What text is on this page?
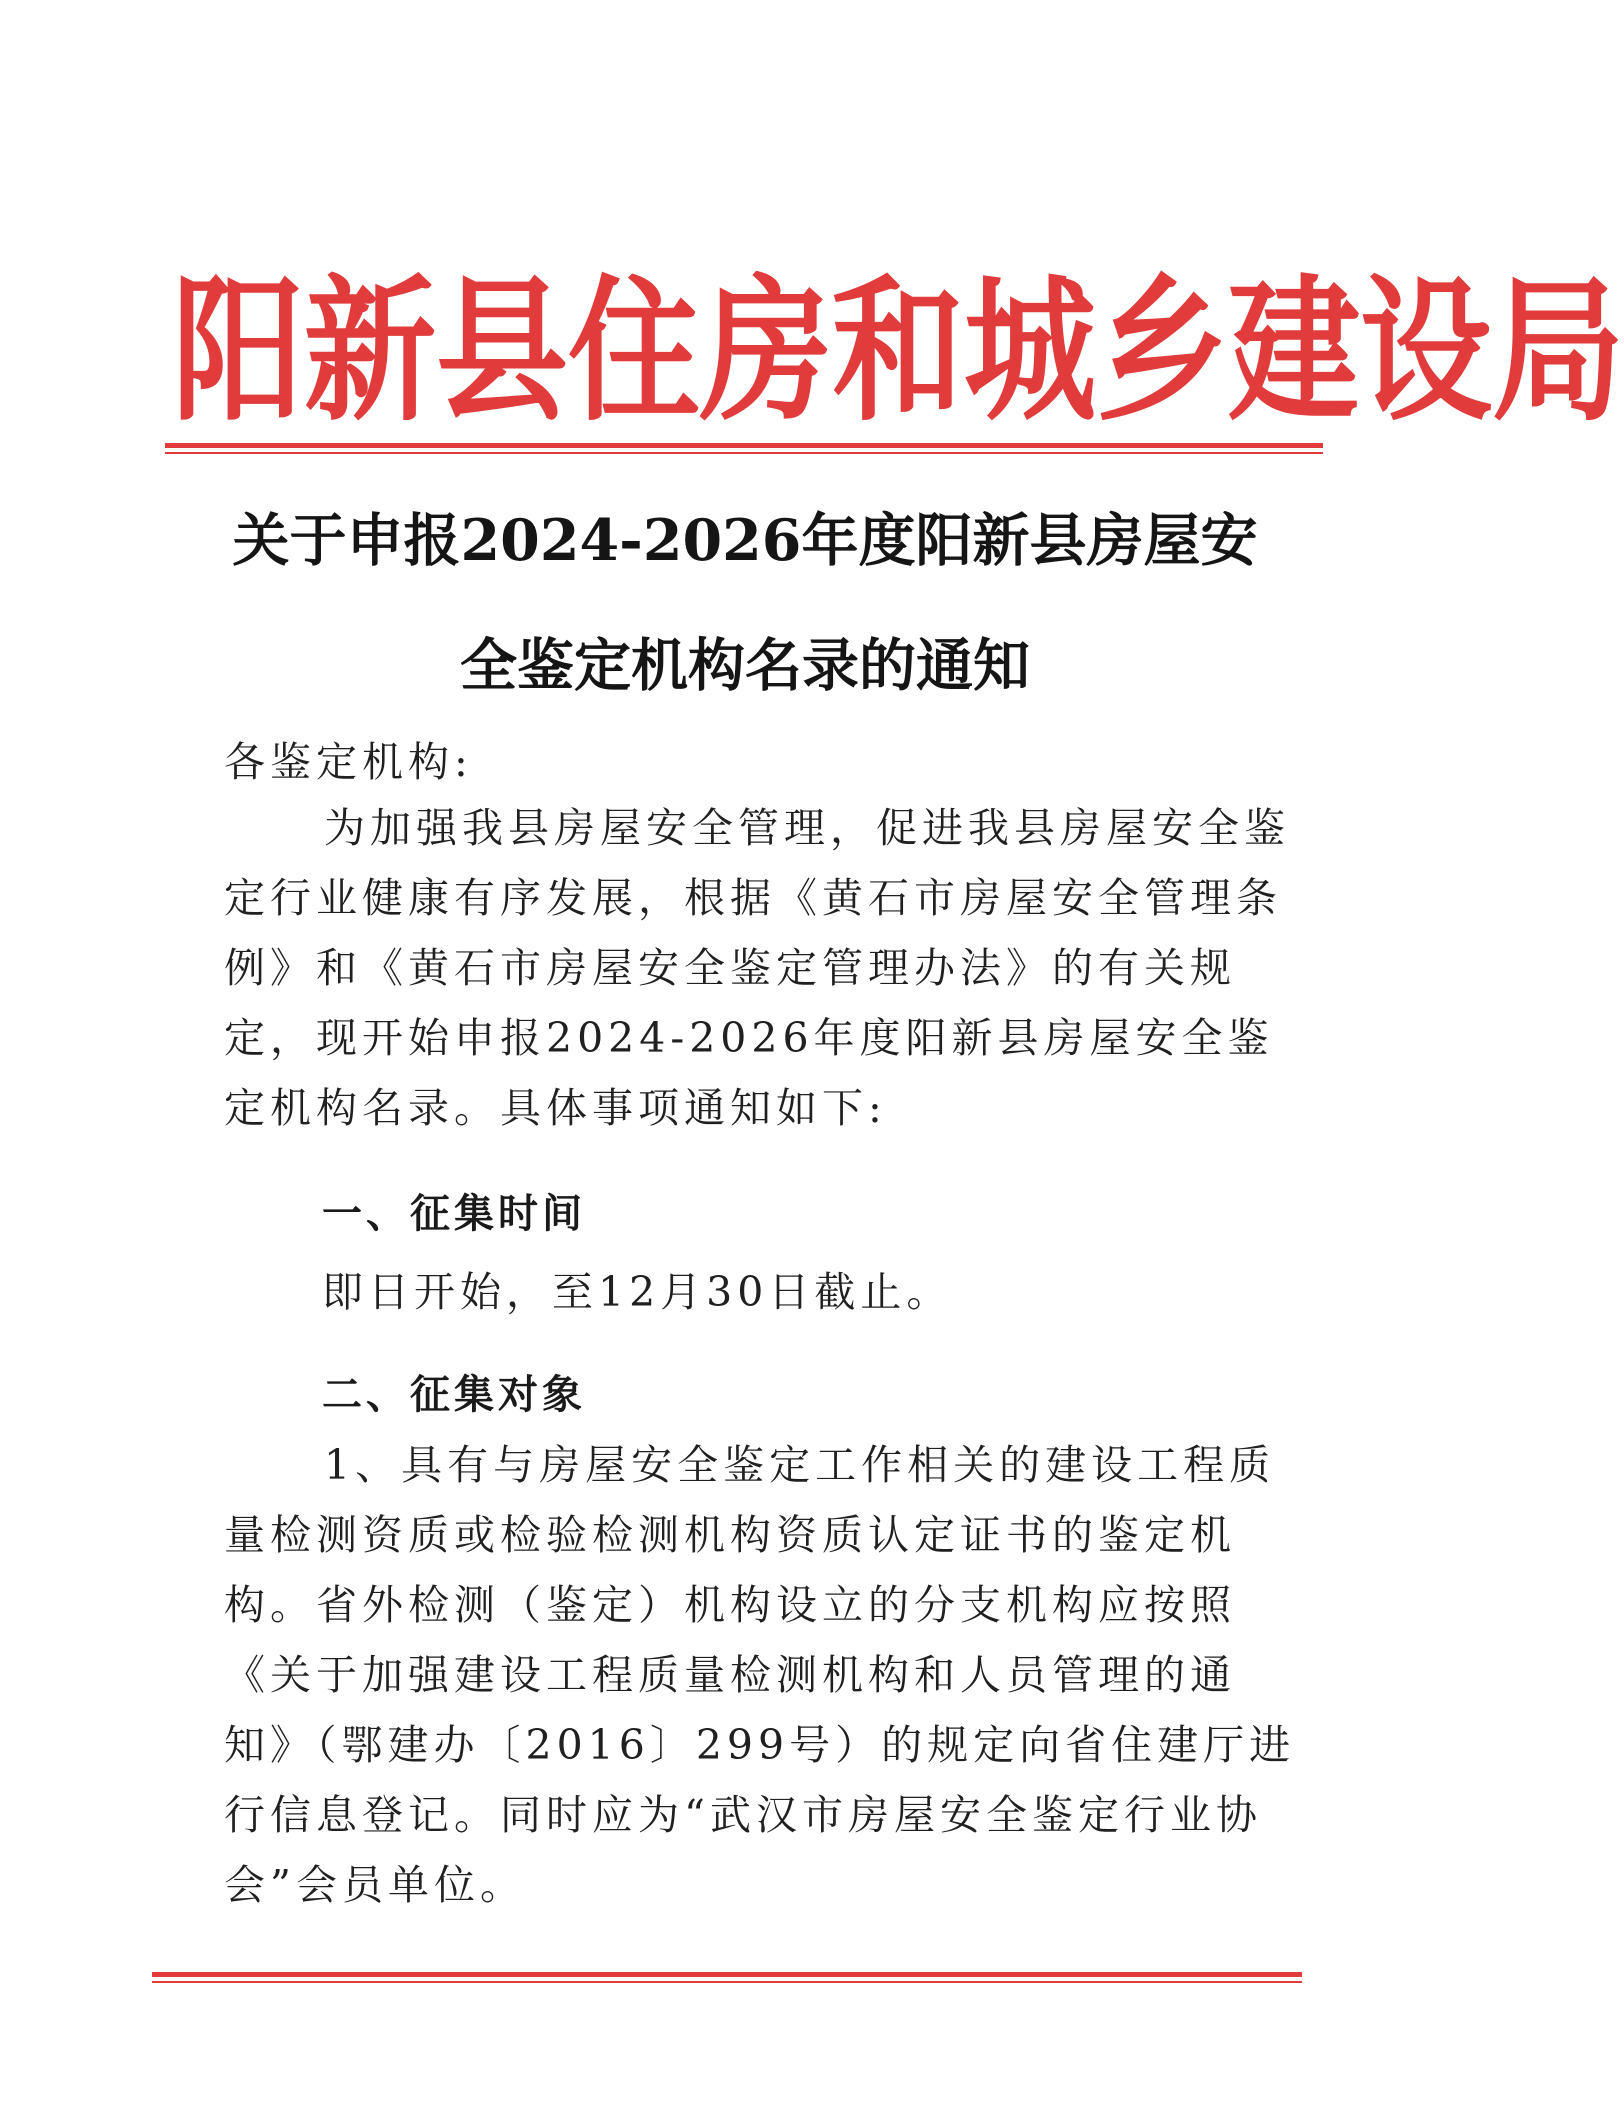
阳 新 县 住 房 和 城 乡 建 设 局
关于申报2024-2026年度阳新县房屋安
全鉴定机构名录的通知
各鉴定机构:
为加强我县房屋安全管理，促进我县房屋安全鉴定行业健康有序发展，根据《黄石市房屋安全管理条例》和《黄石市房屋安全鉴定管理办法》的有关规定，现开始申报2024-2026年度阳新县房屋安全鉴定机构名录。具体事项通知如下:
一、征集时间
即日开始，至12月30日截止。
二、征集对象
1、具有与房屋安全鉴定工作相关的建设工程质量检测资质或检验检测机构资质认定证书的鉴定机构。省外检测（鉴定）机构设立的分支机构应按照《关于加强建设工程质量检测机构和人员管理的通知》（鄂建办〔2016〕299号）的规定向省住建厅进行信息登记。同时应为“武汉市房屋安全鉴定行业协会”会员单位。
